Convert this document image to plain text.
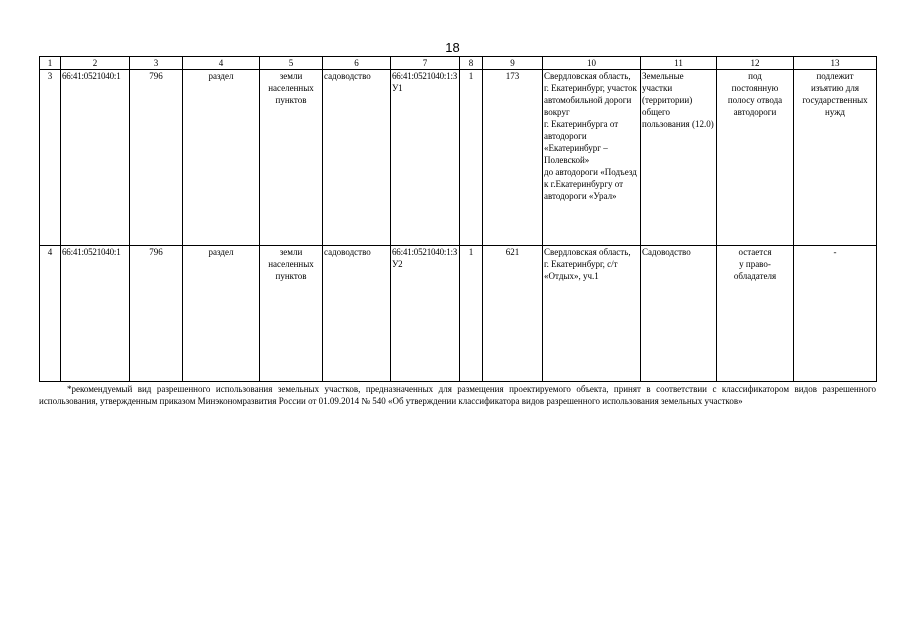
18
1	2	3	4	5	6	7	8	9	10	11	12	13
3	66:41:0521040:1	796	раздел	земли
населенных
пунктов	садоводство	66:41:0521040:1:ЗУ1	1	173	Свердловская область,
г. Екатеринбург, участок автомобильной дороги вокруг
г. Екатеринбурга от автодороги «Екатеринбург – Полевской»
до автодороги «Подъезд к г.Екатеринбургу от автодороги «Урал»	Земельные участки (территории) общего пользования (12.0)	под
постоянную
полосу отвода
автодороги	подлежит
изъятию для
государственных
нужд
4	66:41:0521040:1	796	раздел	земли
населенных
пунктов	садоводство	66:41:0521040:1:ЗУ2	1	621	Свердловская область,
г. Екатеринбург, с/т «Отдых», уч.1	Садоводство	остается
у право-
обладателя	-
*рекомендуемый вид разрешенного использования земельных участков, предназначенных для размещения проектируемого объекта, принят в соответствии с классификатором видов разрешенного использования, утвержденным приказом Минэкономразвития России от 01.09.2014 № 540 «Об утверждении классификатора видов разрешенного использования земельных участков»
